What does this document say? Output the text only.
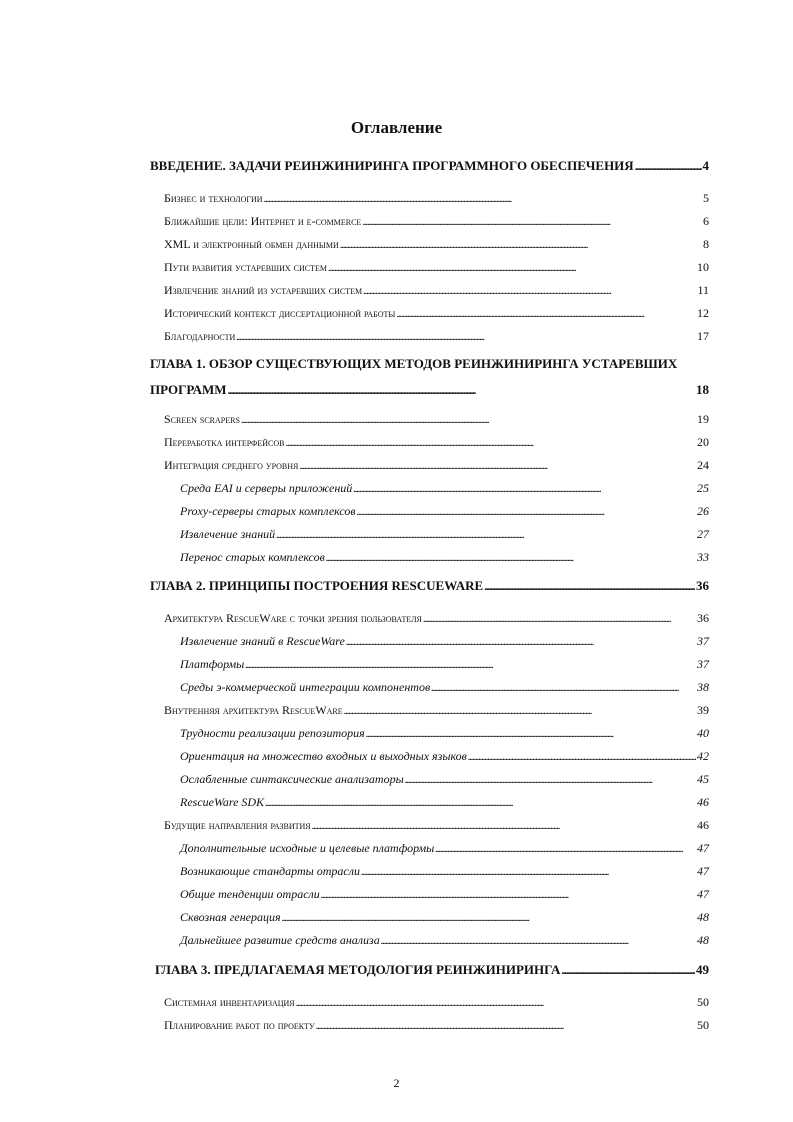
Оглавление
ВВЕДЕНИЕ. ЗАДАЧИ РЕИНЖИНИРИНГА ПРОГРАММНОГО ОБЕСПЕЧЕНИЯ . . .	4
Бизнес и технологии . . .	5
Ближайшие цели: Интернет и e-commerce . . .	6
XML и электронный обмен данными . . .	8
Пути развития устаревших систем . . .	10
Извлечение знаний из устаревших систем . . .	11
Исторический контекст диссертационной работы . . .	12
Благодарности . . .	17
ГЛАВА 1. ОБЗОР СУЩЕСТВУЮЩИХ МЕТОДОВ РЕИНЖИНИРИНГА УСТАРЕВШИХ
ПРОГРАММ . . .	18
Screen scrapers . . .	19
Переработка интерфейсов . . .	20
Интеграция среднего уровня . . .	24
Среда EAI и серверы приложений . . .	25
Proxy-серверы старых комплексов . . .	26
Извлечение знаний . . .	27
Перенос старых комплексов . . .	33
ГЛАВА 2. ПРИНЦИПЫ ПОСТРОЕНИЯ RESCUEWARE . . .	36
Архитектура RescueWare с точки зрения пользователя . . .	36
Извлечение знаний в RescueWare . . .	37
Платформы . . .	37
Среды э-коммерческой интеграции компонентов . . .	38
Внутренняя архитектура RescueWare . . .	39
Трудности реализации репозитория . . .	40
Ориентация на множество входных и выходных языков . . .	42
Ослабленные синтаксические анализаторы . . .	45
RescueWare SDK . . .	46
Будущие направления развития . . .	46
Дополнительные исходные и целевые платформы . . .	47
Возникающие стандарты отрасли . . .	47
Общие тенденции отрасли . . .	47
Сквозная генерация . . .	48
Дальнейшее развитие средств анализа . . .	48
ГЛАВА 3. ПРЕДЛАГАЕМАЯ МЕТОДОЛОГИЯ РЕИНЖИНИРИНГА . . .	49
Системная инвентаризация . . .	50
Планирование работ по проекту . . .	50
2
